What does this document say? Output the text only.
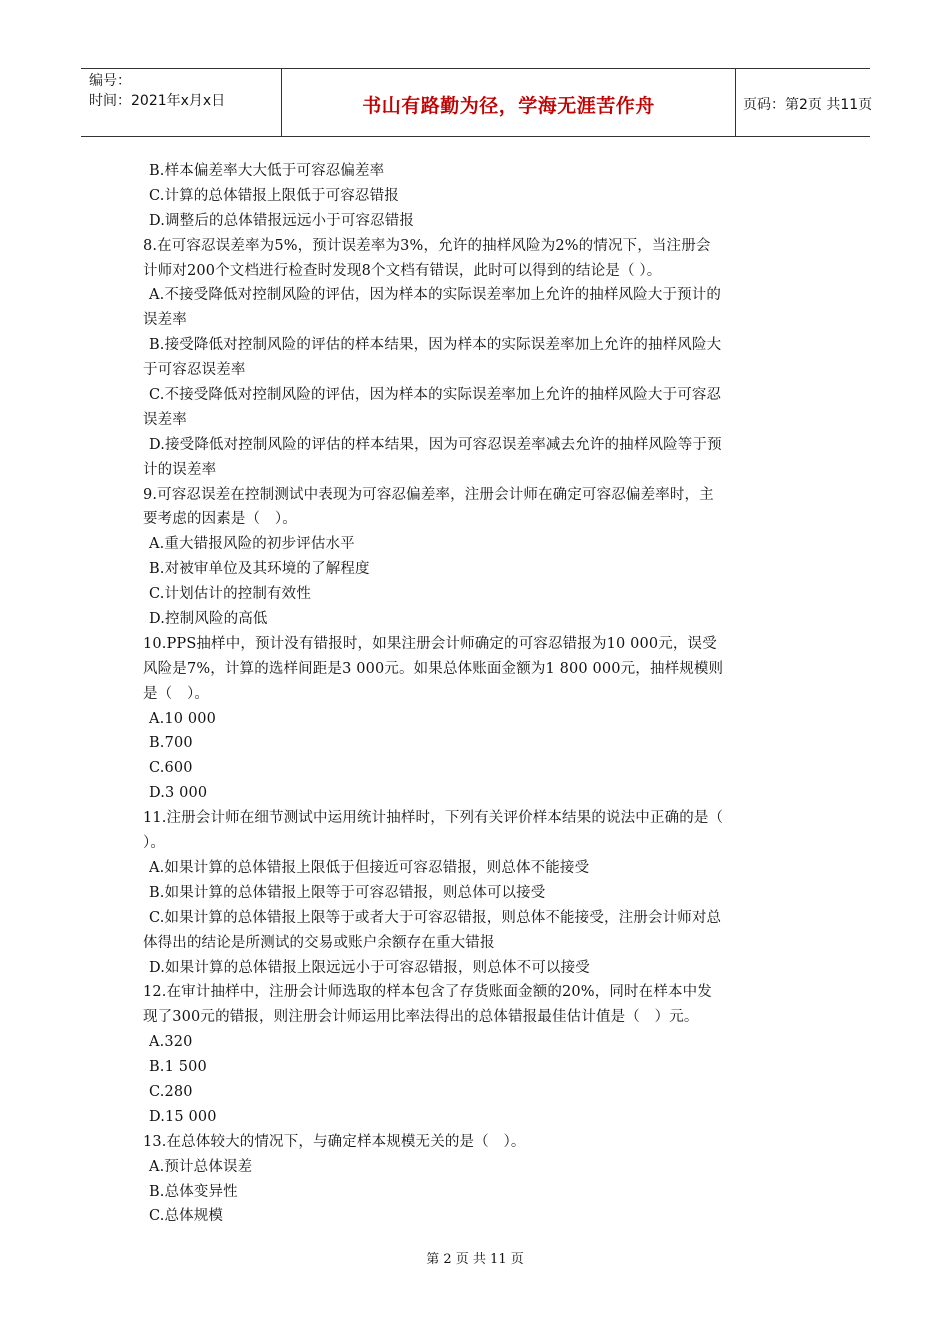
编号：
时间：2021年x月x日	书山有路勤为径，学海无涯苦作舟	页码：第2页 共11页
B.样本偏差率大大低于可容忍偏差率
C.计算的总体错报上限低于可容忍错报
D.调整后的总体错报远远小于可容忍错报
8.在可容忍误差率为5%，预计误差率为3%，允许的抽样风险为2%的情况下，当注册会
计师对200个文档进行检查时发现8个文档有错误，此时可以得到的结论是（ ）。
A.不接受降低对控制风险的评估，因为样本的实际误差率加上允许的抽样风险大于预计的
误差率
B.接受降低对控制风险的评估的样本结果，因为样本的实际误差率加上允许的抽样风险大
于可容忍误差率
C.不接受降低对控制风险的评估，因为样本的实际误差率加上允许的抽样风险大于可容忍
误差率
D.接受降低对控制风险的评估的样本结果，因为可容忍误差率减去允许的抽样风险等于预
计的误差率
9.可容忍误差在控制测试中表现为可容忍偏差率，注册会计师在确定可容忍偏差率时，主
要考虑的因素是（　）。
A.重大错报风险的初步评估水平
B.对被审单位及其环境的了解程度
C.计划估计的控制有效性
D.控制风险的高低
10.PPS抽样中，预计没有错报时，如果注册会计师确定的可容忍错报为10 000元，误受
风险是7%，计算的选样间距是3 000元。如果总体账面金额为1 800 000元，抽样规模则
是（　）。
A.10 000
B.700
C.600
D.3 000
11.注册会计师在细节测试中运用统计抽样时，下列有关评价样本结果的说法中正确的是（
）。
A.如果计算的总体错报上限低于但接近可容忍错报，则总体不能接受
B.如果计算的总体错报上限等于可容忍错报，则总体可以接受
C.如果计算的总体错报上限等于或者大于可容忍错报，则总体不能接受，注册会计师对总
体得出的结论是所测试的交易或账户余额存在重大错报
D.如果计算的总体错报上限远远小于可容忍错报，则总体不可以接受
12.在审计抽样中，注册会计师选取的样本包含了存货账面金额的20%，同时在样本中发
现了300元的错报，则注册会计师运用比率法得出的总体错报最佳估计值是（　）元。
A.320
B.1 500
C.280
D.15 000
13.在总体较大的情况下，与确定样本规模无关的是（　）。
A.预计总体误差
B.总体变异性
C.总体规模
第 2 页 共 11 页
